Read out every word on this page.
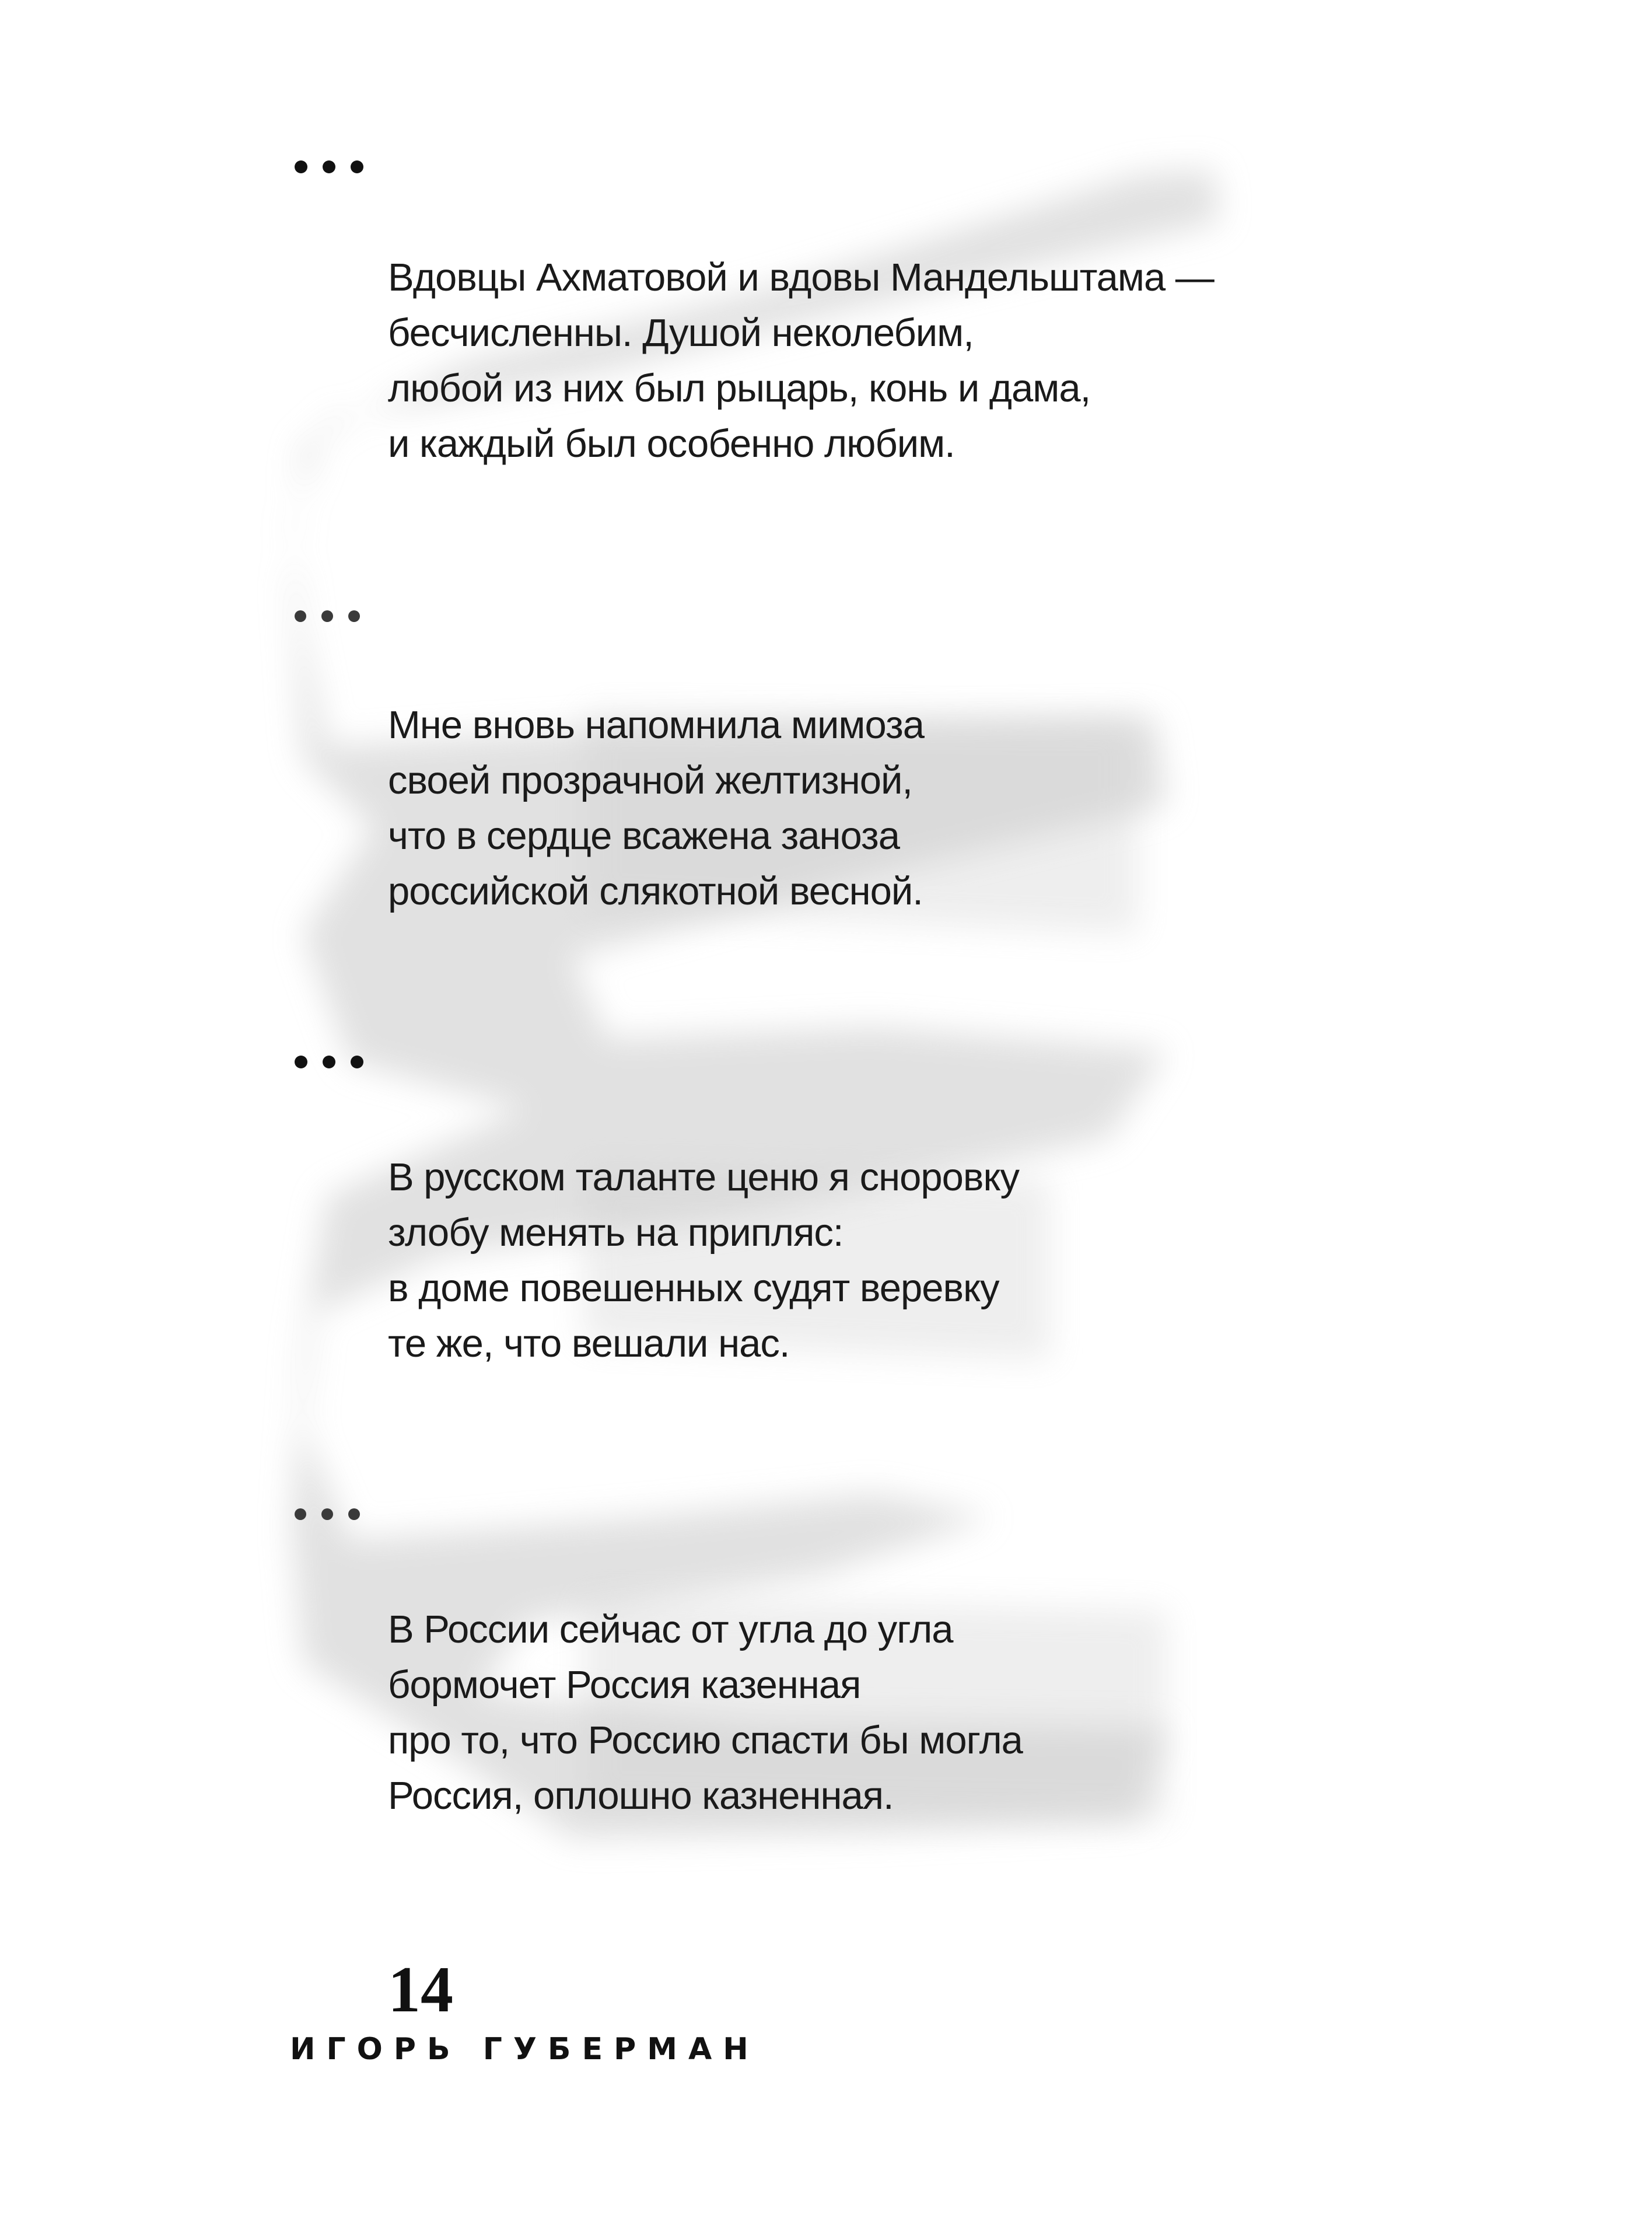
Вдовцы Ахматовой и вдовы Мандельштама —
бесчисленны. Душой неколебим,
любой из них был рыцарь, конь и дама,
и каждый был особенно любим.
Мне вновь напомнила мимоза
своей прозрачной желтизной,
что в сердце всажена заноза
российской слякотной весной.
В русском таланте ценю я сноровку
злобу менять на припляс:
в доме повешенных судят веревку
те же, что вешали нас.
В России сейчас от угла до угла
бормочет Россия казенная
про то, что Россию спасти бы могла
Россия, оплошно казненная.
14
ИГОРЬ ГУБЕРМАН
